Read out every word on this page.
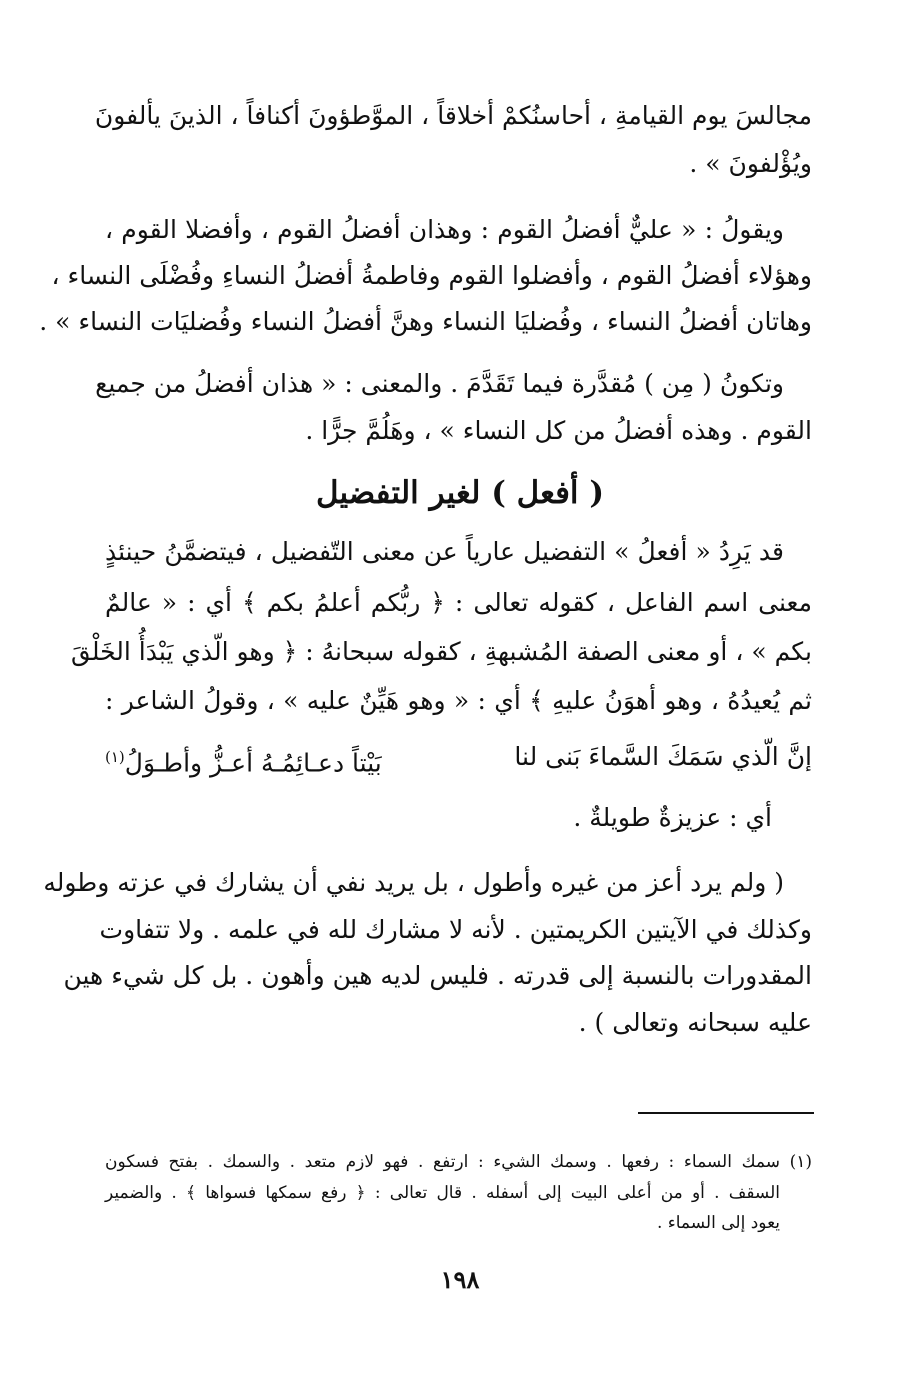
مجالسَ يوم القيامةِ ، أحاسنُكمْ أخلاقاً ، الموَّطؤونَ أكنافاً ، الذينَ يألفونَ
ويُؤْلفونَ » .
ويقولُ : « عليٌّ أفضلُ القوم : وهذان أفضلُ القوم ، وأفضلا القوم ،
وهؤلاء أفضلُ القوم ، وأفضلوا القوم وفاطمةُ أفضلُ النساءِ وفُضْلَى النساء ،
وهاتان أفضلُ النساء ، وفُضليَا النساء وهنَّ أفضلُ النساء وفُضليَات النساء » .
وتكونُ ( مِن ) مُقدَّرة فيما تَقَدَّمَ . والمعنى : « هذان أفضلُ من جميع
القوم . وهذه أفضلُ من كل النساء » ، وهَلُمَّ جرًّا .
( أفعل ) لغير التفضيل
قد يَرِدُ « أفعلُ » التفضيل عارياً عن معنى التّفضيل ، فيتضمَّنُ حينئذٍ
معنى اسم الفاعل ، كقوله تعالى : ﴿ ربُّكم أعلمُ بكم ﴾ أي : « عالمٌ
بكم » ، أو معنى الصفة المُشبهةِ ، كقوله سبحانهُ : ﴿ وهو الّذي يَبْدَأُ الخَلْقَ
ثم يُعيدُهُ ، وهو أهوَنُ عليهِ ﴾ أي : « وهو هَيِّنٌ عليه » ، وقولُ الشاعر :
إنَّ الّذي سَمَكَ السَّماءَ بَنى لنا
بَيْتاً دعـائِمُـهُ أعـزُّ وأطـوَلُ$^{(١)}$
أي : عزيزةٌ طويلةٌ .
( ولم يرد أعز من غيره وأطول ، بل يريد نفي أن يشارك في عزته وطوله
وكذلك في الآيتين الكريمتين . لأنه لا مشارك لله في علمه . ولا تتفاوت
المقدورات بالنسبة إلى قدرته . فليس لديه هين وأهون . بل كل شيء هين
عليه سبحانه وتعالى ) .
(١) سمك السماء : رفعها . وسمك الشيء : ارتفع . فهو لازم متعد . والسمك . بفتح فسكون
السقف . أو من أعلى البيت إلى أسفله . قال تعالى : ﴿ رفع سمكها فسواها ﴾ . والضمير
يعود إلى السماء .
١٩٨
